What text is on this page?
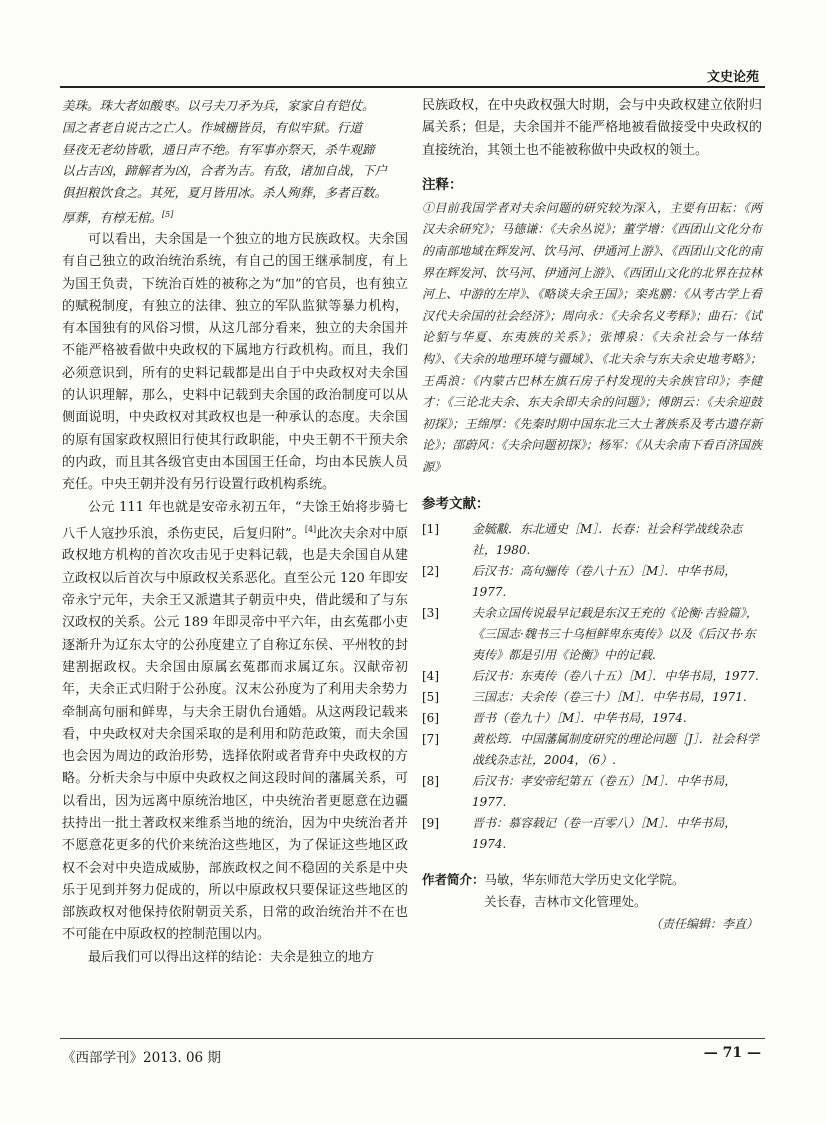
文史论苑
美珠。珠大者如酸枣。以弓夫刀矛为兵，家家自有铠仗。
国之者老自说古之亡人。作城栅皆员，有似牢狱。行道
昼夜无老幼皆歌，通日声不绝。有军事亦祭天，杀牛观蹄
以占吉凶，蹄解者为凶，合者为吉。有敌，诸加自战，下户
俱担粮饮食之。其死，夏月皆用冰。杀人殉葬，多者百数。
厚葬，有椁无棺。[5]

可以看出，夫余国是一个独立的地方民族政权。夫余国有自己独立的政治统治系统，有自己的国王继承制度，有上为国王负责，下统治百姓的被称之为“加”的官员，也有独立的赋税制度，有独立的法律、独立的军队监狱等暴力机构，有本国独有的风俗习惯，从这几部分看来，独立的夫余国并不能严格被看做中央政权的下属地方行政机构。而且，我们必须意识到，所有的史料记载都是出自于中央政权对夫余国的认识理解，那么，史料中记载到夫余国的政治制度可以从侧面说明，中央政权对其政权也是一种承认的态度。夫余国的原有国家政权照旧行使其行政职能，中央王朝不干预夫余的内政，而且其各级官吏由本国国王任命，均由本民族人员充任。中央王朝并没有另行设置行政机构系统。

公元 111 年也就是安帝永初五年，“夫馀王始将步骑七八千人寇抄乐浪，杀伤吏民，后复归附”。[4]此次夫余对中原政权地方机构的首次攻击见于史料记载，也是夫余国自从建立政权以后首次与中原政权关系恶化。直至公元 120 年即安帝永宁元年，夫余王又派遣其子朝贡中央，借此缓和了与东汉政权的关系。公元 189 年即灵帝中平六年，由玄菟郡小吏逐渐升为辽东太守的公孙度建立了自称辽东侯、平州牧的封建割据政权。夫余国由原属玄菟郡而求属辽东。汉献帝初年，夫余正式归附于公孙度。汉末公孙度为了利用夫余势力牵制高句丽和鲜卑，与夫余王尉仇台通婚。从这两段记载来看，中央政权对夫余国采取的是利用和防范政策，而夫余国也会因为周边的政治形势，选择依附或者背弃中央政权的方略。分析夫余与中原中央政权之间这段时间的藩属关系，可以看出，因为远离中原统治地区，中央统治者更愿意在边疆扶持出一批土著政权来维系当地的统治，因为中央统治者并不愿意花更多的代价来统治这些地区，为了保证这些地区政权不会对中央造成威胁，部族政权之间不稳固的关系是中央乐于见到并努力促成的，所以中原政权只要保证这些地区的部族政权对他保持依附朝贡关系，日常的政治统治并不在也不可能在中原政权的控制范围以内。

最后我们可以得出这样的结论：夫余是独立的地方

民族政权，在中央政权强大时期，会与中央政权建立依附归属关系；但是，夫余国并不能严格地被看做接受中央政权的直接统治，其领土也不能被称做中央政权的领土。

注释：

①目前我国学者对夫余问题的研究较为深入，主要有田耘：《两汉夫余研究》；马德谦：《夫余丛说》；董学增：《西团山文化分布的南部地域在辉发河、饮马河、伊通河上游》、《西团山文化的南界在辉发河、饮马河、伊通河上游》、《西团山文化的北界在拉林河上、中游的左岸》、《略谈夫余王国》；栾兆鹏：《从考古学上看汉代夫余国的社会经济》；周向永：《夫余名义考释》；曲石：《试论貊与华夏、东夷族的关系》；张博泉：《夫余社会与一体结构》、《夫余的地理环境与疆域》、《北夫余与东夫余史地考略》；王禹浪：《内蒙古巴林左旗石房子村发现的夫余族官印》；李健才：《三论北夫余、东夫余即夫余的问题》；傅朗云：《夫余迎鼓初探》；王绵厚：《先秦时期中国东北三大土著族系及考古遗存新论》；邵蔚风：《夫余问题初探》；杨军：《从夫余南下看百济国族源》

参考文献：
[1]	金毓黻．东北通史［M］．长春：社会科学战线杂志社，1980.
[2]	后汉书：高句骊传（卷八十五）［M］．中华书局，1977.
[3]	夫余立国传说最早记载是东汉王充的《论衡·吉验篇》，《三国志·魏书三十乌桓鲜卑东夷传》以及《后汉书·东夷传》都是引用《论衡》中的记载.
[4]	后汉书：东夷传（卷八十五）［M］．中华书局，1977.
[5]	三国志：夫余传（卷三十）［M］．中华书局，1971.
[6]	晋书（卷九十）［M］．中华书局，1974.
[7]	黄松筠．中国藩属制度研究的理论问题［J］．社会科学战线杂志社，2004，（6）.
[8]	后汉书：孝安帝纪第五（卷五）［M］．中华书局，1977.
[9]	晋书：慕容载记（卷一百零八）［M］．中华书局，1974.
作者简介：马敏，华东师范大学历史文化学院。
关长春，吉林市文化管理处。
（责任编辑：李直）
《西部学刊》2013. 06 期	— 71 —
